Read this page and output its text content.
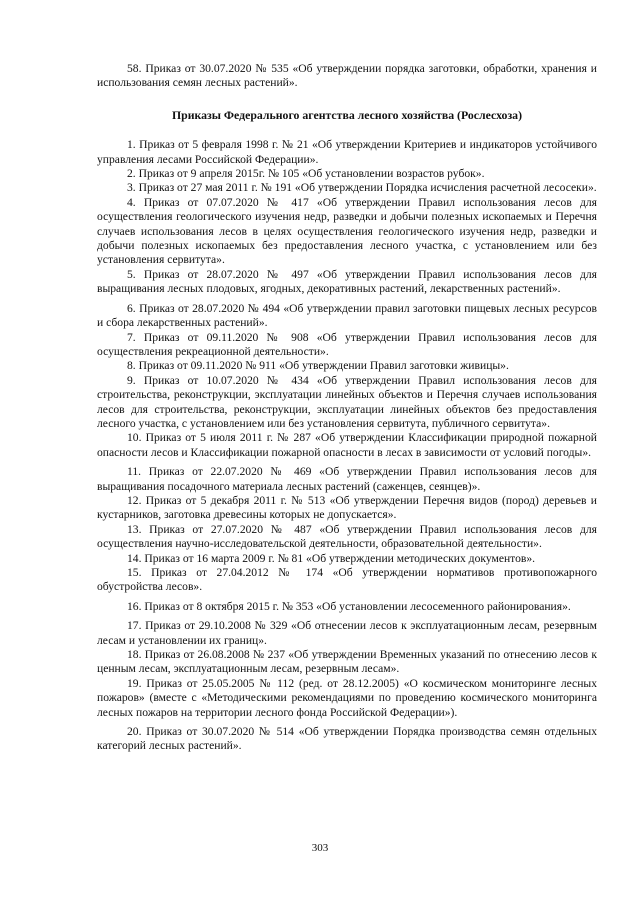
58. Приказ от 30.07.2020 № 535 «Об утверждении порядка заготовки, обработки, хранения и использования семян лесных растений».

Приказы Федерального агентства лесного хозяйства (Рослесхоза)

1. Приказ от 5 февраля 1998 г. № 21 «Об утверждении Критериев и индикаторов устойчивого управления лесами Российской Федерации».

2. Приказ от 9 апреля 2015г. № 105 «Об установлении возрастов рубок».

3. Приказ от 27 мая 2011 г. № 191 «Об утверждении Порядка исчисления расчетной лесосеки».

4. Приказ от 07.07.2020 № 417 «Об утверждении Правил использования лесов для осуществления геологического изучения недр, разведки и добычи полезных ископаемых и Перечня случаев использования лесов в целях осуществления геологического изучения недр, разведки и добычи полезных ископаемых без предоставления лесного участка, с установлением или без установления сервитута».

5. Приказ от 28.07.2020 № 497 «Об утверждении Правил использования лесов для выращивания лесных плодовых, ягодных, декоративных растений, лекарственных растений».

6. Приказ от 28.07.2020 № 494 «Об утверждении правил заготовки пищевых лесных ресурсов и сбора лекарственных растений».

7. Приказ от 09.11.2020 № 908 «Об утверждении Правил использования лесов для осуществления рекреационной деятельности».

8. Приказ от 09.11.2020 № 911 «Об утверждении Правил заготовки живицы».

9. Приказ от 10.07.2020 № 434 «Об утверждении Правил использования лесов для строительства, реконструкции, эксплуатации линейных объектов и Перечня случаев использования лесов для строительства, реконструкции, эксплуатации линейных объектов без предоставления лесного участка, с установлением или без установления сервитута, публичного сервитута».

10. Приказ от 5 июля 2011 г. № 287 «Об утверждении Классификации природной пожарной опасности лесов и Классификации пожарной опасности в лесах в зависимости от условий погоды».

11. Приказ от 22.07.2020 № 469 «Об утверждении Правил использования лесов для выращивания посадочного материала лесных растений (саженцев, сеянцев)».

12. Приказ от 5 декабря 2011 г. № 513 «Об утверждении Перечня видов (пород) деревьев и кустарников, заготовка древесины которых не допускается».

13. Приказ от 27.07.2020 № 487 «Об утверждении Правил использования лесов для осуществления научно-исследовательской деятельности, образовательной деятельности».

14. Приказ от 16 марта 2009 г. № 81 «Об утверждении методических документов».

15. Приказ от 27.04.2012 № 174 «Об утверждении нормативов противопожарного обустройства лесов».

16. Приказ от 8 октября 2015 г. № 353 «Об установлении лесосеменного районирования».

17. Приказ от 29.10.2008 № 329 «Об отнесении лесов к эксплуатационным лесам, резервным лесам и установлении их границ».

18. Приказ от 26.08.2008 № 237 «Об утверждении Временных указаний по отнесению лесов к ценным лесам, эксплуатационным лесам, резервным лесам».

19. Приказ от 25.05.2005 № 112 (ред. от 28.12.2005) «О космическом мониторинге лесных пожаров» (вместе с «Методическими рекомендациями по проведению космического мониторинга лесных пожаров на территории лесного фонда Российской Федерации»).

20. Приказ от 30.07.2020 № 514 «Об утверждении Порядка производства семян отдельных категорий лесных растений».

303
